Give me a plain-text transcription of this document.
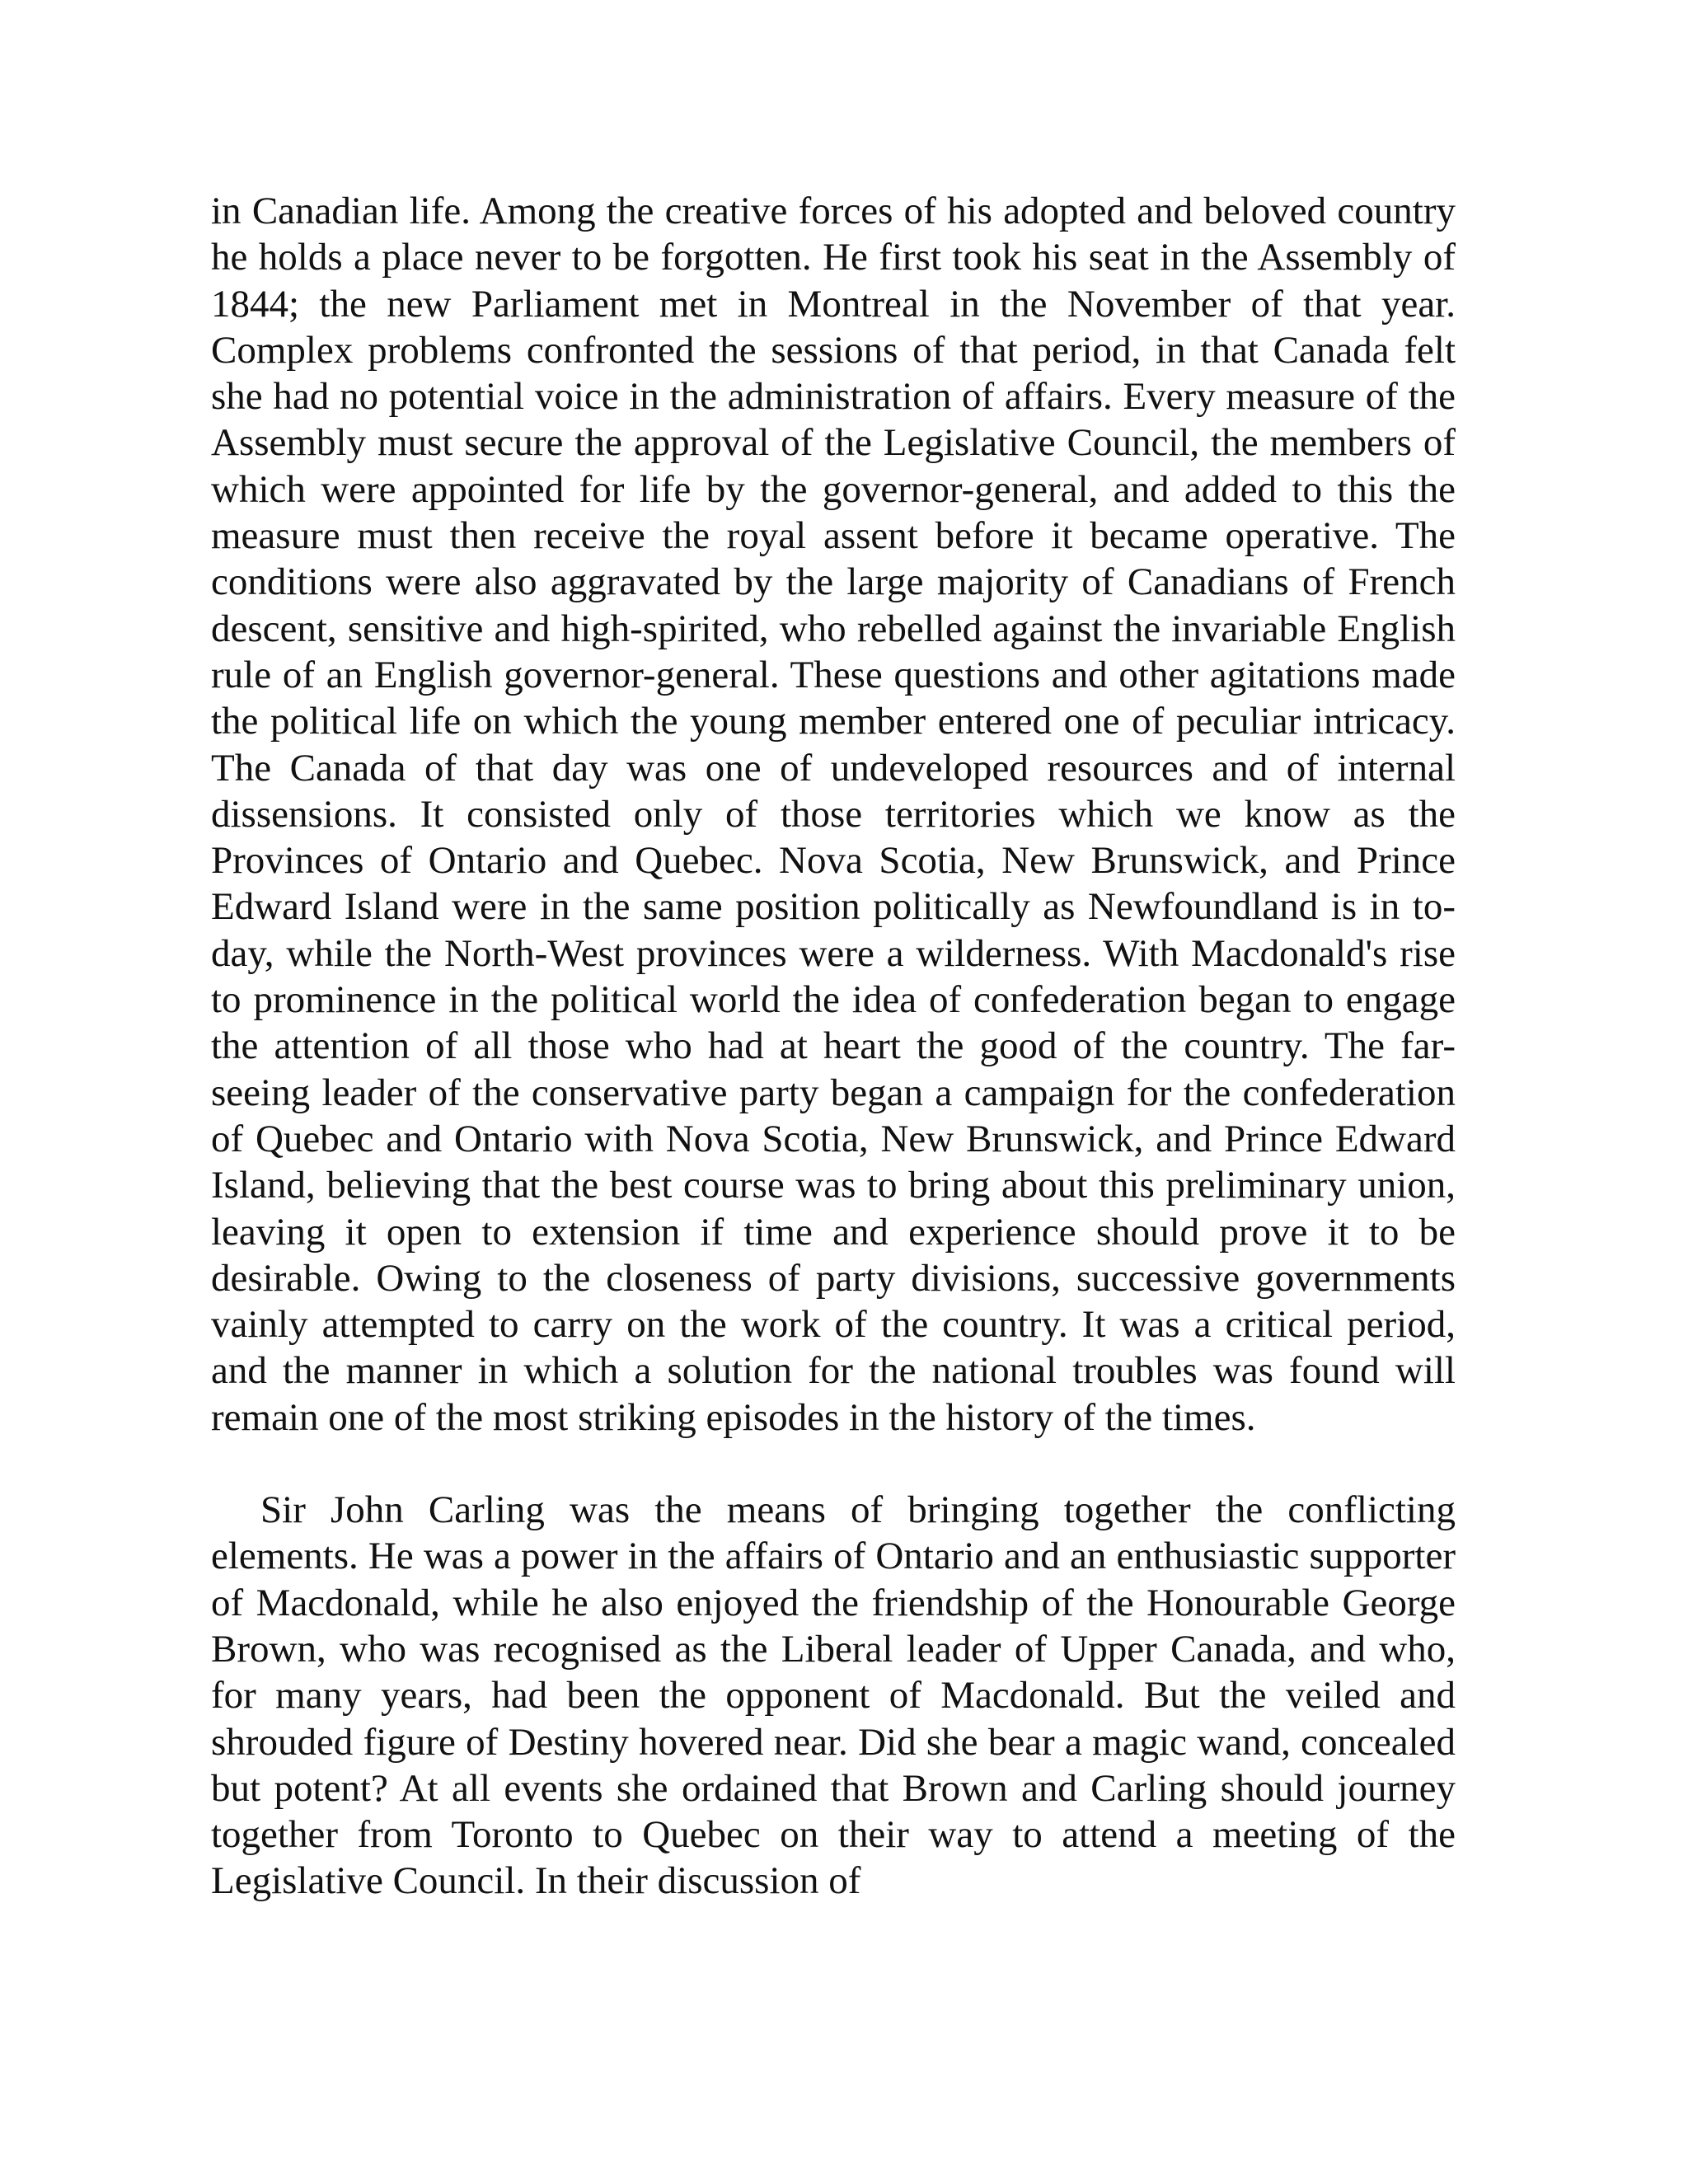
in Canadian life. Among the creative forces of his adopted and beloved country he holds a place never to be forgotten. He first took his seat in the Assembly of 1844; the new Parliament met in Montreal in the November of that year. Complex problems confronted the sessions of that period, in that Canada felt she had no potential voice in the administration of affairs. Every measure of the Assembly must secure the approval of the Legislative Council, the members of which were appointed for life by the governor-general, and added to this the measure must then receive the royal assent before it became operative. The conditions were also aggravated by the large majority of Canadians of French descent, sensitive and high-spirited, who rebelled against the invariable English rule of an English governor-general. These questions and other agitations made the political life on which the young member entered one of peculiar intricacy. The Canada of that day was one of undeveloped resources and of internal dissensions. It consisted only of those territories which we know as the Provinces of Ontario and Quebec. Nova Scotia, New Brunswick, and Prince Edward Island were in the same position politically as Newfoundland is in to-day, while the North-West provinces were a wilderness. With Macdonald's rise to prominence in the political world the idea of confederation began to engage the attention of all those who had at heart the good of the country. The far-seeing leader of the conservative party began a campaign for the confederation of Quebec and Ontario with Nova Scotia, New Brunswick, and Prince Edward Island, believing that the best course was to bring about this preliminary union, leaving it open to extension if time and experience should prove it to be desirable. Owing to the closeness of party divisions, successive governments vainly attempted to carry on the work of the country. It was a critical period, and the manner in which a solution for the national troubles was found will remain one of the most striking episodes in the history of the times.

Sir John Carling was the means of bringing together the conflicting elements. He was a power in the affairs of Ontario and an enthusiastic supporter of Macdonald, while he also enjoyed the friendship of the Honourable George Brown, who was recognised as the Liberal leader of Upper Canada, and who, for many years, had been the opponent of Macdonald. But the veiled and shrouded figure of Destiny hovered near. Did she bear a magic wand, concealed but potent? At all events she ordained that Brown and Carling should journey together from Toronto to Quebec on their way to attend a meeting of the Legislative Council. In their discussion of
